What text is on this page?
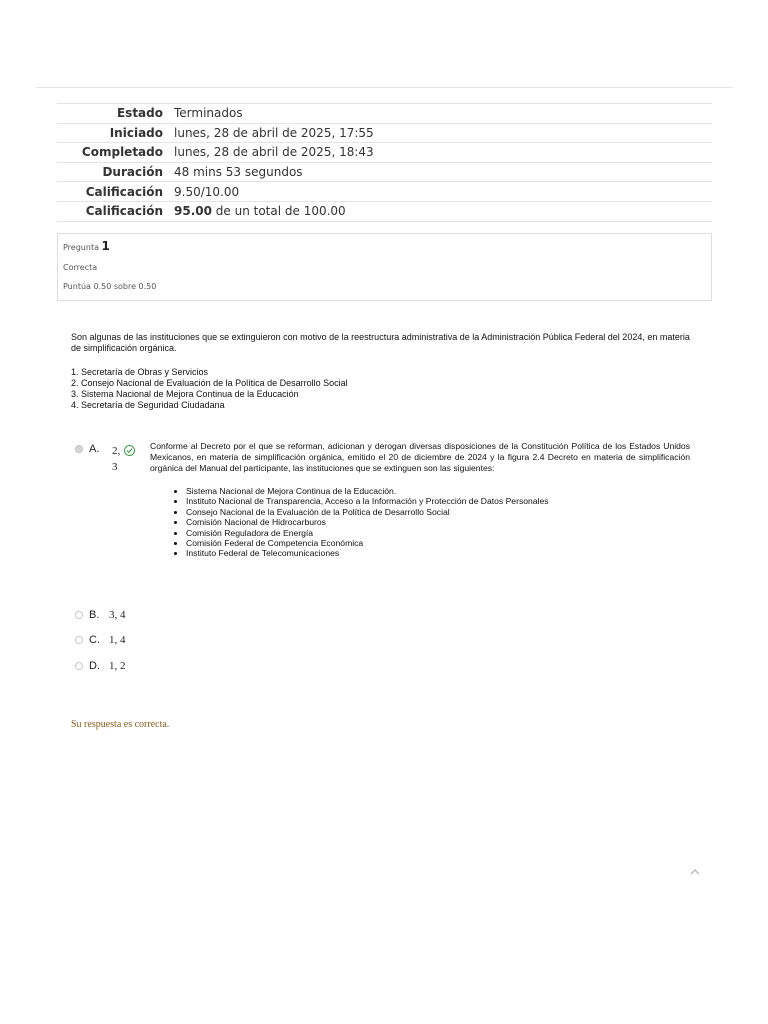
Estado	Terminados
Iniciado	lunes, 28 de abril de 2025, 17:55
Completado	lunes, 28 de abril de 2025, 18:43
Duración	48 mins 53 segundos
Calificación	9.50/10.00
Calificación	95.00 de un total de 100.00
Pregunta 1
Correcta
Puntúa 0.50 sobre 0.50

Son algunas de las instituciones que se extinguieron con motivo de la reestructura administrativa de la Administración Pública Federal del 2024, en materia de simplificación orgánica.

1. Secretaría de Obras y Servicios
2. Consejo Nacional de Evaluación de la Política de Desarrollo Social
3. Sistema Nacional de Mejora Continua de la Educación
4. Secretaría de Seguridad Ciudadana
A.	2,
3

Conforme al Decreto por el que se reforman, adicionan y derogan diversas disposiciones de la Constitución Política de los Estados Unidos Mexicanos, en materia de simplificación orgánica, emitido el 20 de diciembre de 2024 y la figura 2.4 Decreto en materia de simplificación orgánica del Manual del participante, las instituciones que se extinguen son las siguientes:

• Sistema Nacional de Mejora Continua de la Educación.
• Instituto Nacional de Transparencia, Acceso a la Información y Protección de Datos Personales
• Consejo Nacional de la Evaluación de la Política de Desarrollo Social
• Comisión Nacional de Hidrocarburos
• Comisión Reguladora de Energía
• Comisión Federal de Competencia Económica
• Instituto Federal de Telecomunicaciones
B. 3, 4
C. 1, 4
D. 1, 2
Su respuesta es correcta.
